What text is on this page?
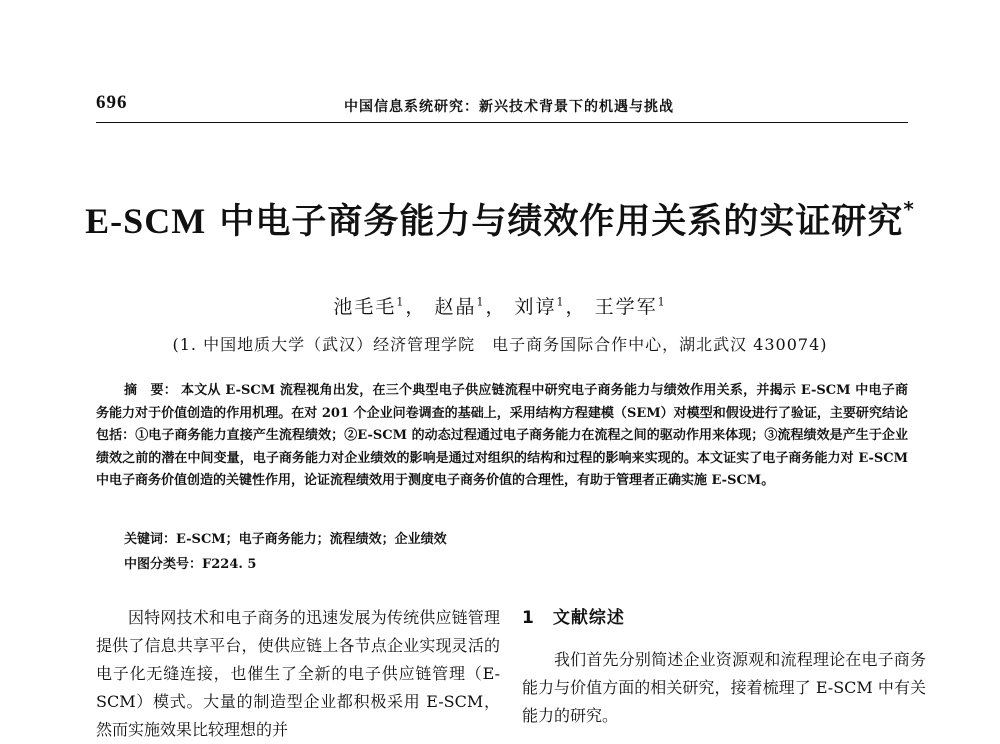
696	中国信息系统研究：新兴技术背景下的机遇与挑战
E-SCM 中电子商务能力与绩效作用关系的实证研究*
池毛毛$^1$， 赵晶$^1$， 刘谆$^1$， 王学军$^1$
(1. 中国地质大学（武汉）经济管理学院　电子商务国际合作中心，湖北武汉 430074)
摘　要： 本文从 E-SCM 流程视角出发，在三个典型电子供应链流程中研究电子商务能力与绩效作用关系，并揭示 E-SCM 中电子商务能力对于价值创造的作用机理。在对 201 个企业问卷调查的基础上，采用结构方程建模（SEM）对模型和假设进行了验证，主要研究结论包括：①电子商务能力直接产生流程绩效；②E-SCM 的动态过程通过电子商务能力在流程之间的驱动作用来体现；③流程绩效是产生于企业绩效之前的潜在中间变量，电子商务能力对企业绩效的影响是通过对组织的结构和过程的影响来实现的。本文证实了电子商务能力对 E-SCM 中电子商务价值创造的关键性作用，论证流程绩效用于测度电子商务价值的合理性，有助于管理者正确实施 E-SCM。
关键词：E-SCM；电子商务能力；流程绩效；企业绩效
中图分类号：F224. 5
因特网技术和电子商务的迅速发展为传统供应链管理提供了信息共享平台，使供应链上各节点企业实现灵活的电子化无缝连接，也催生了全新的电子供应链管理（E-SCM）模式。大量的制造型企业都积极采用 E-SCM，然而实施效果比较理想的并
1 文献综述
我们首先分别简述企业资源观和流程理论在电子商务能力与价值方面的相关研究，接着梳理了 E-SCM 中有关能力的研究。
